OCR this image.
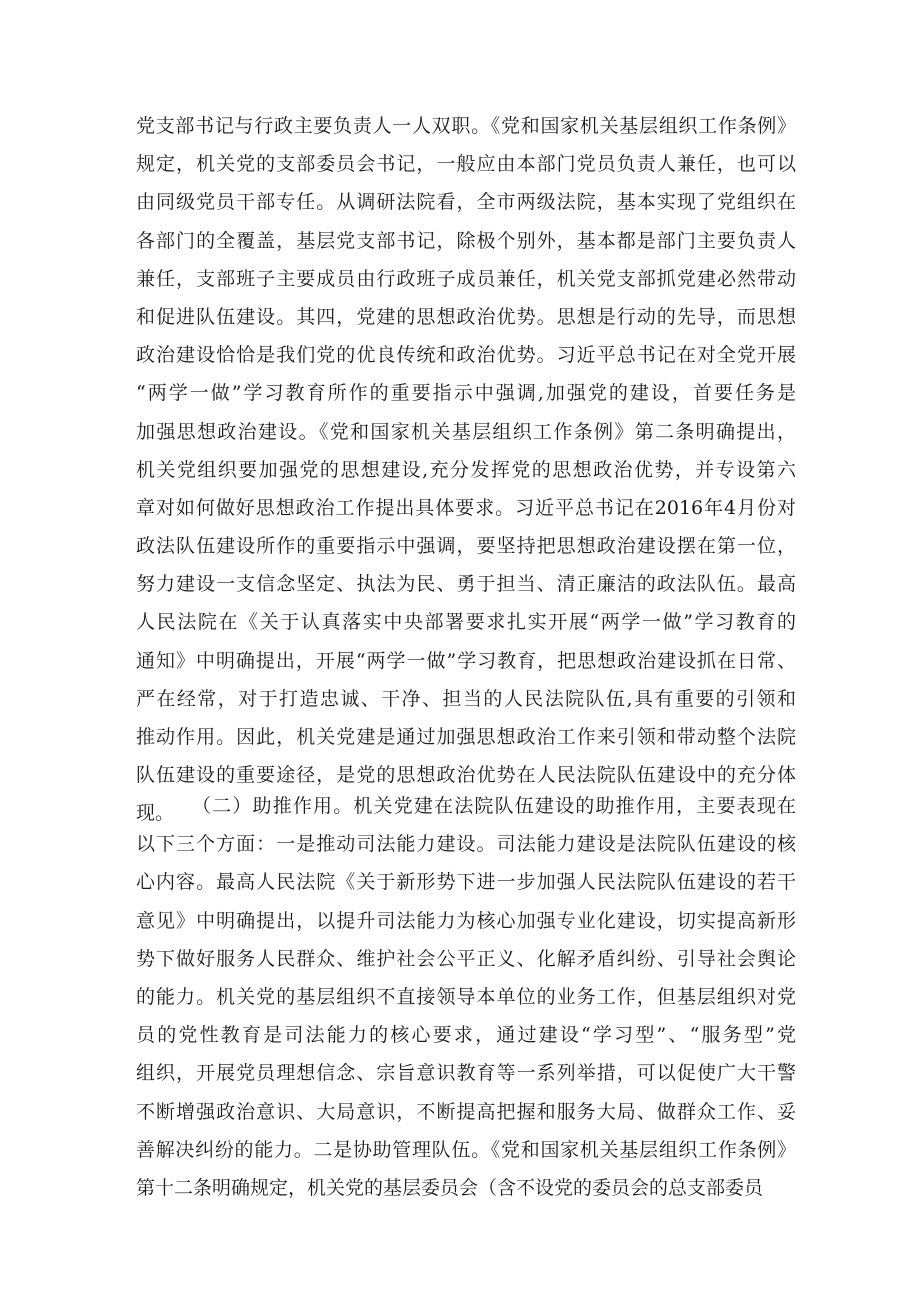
党支部书记与行政主要负责人一人双职。《党和国家机关基层组织工作条例》
规定，机关党的支部委员会书记，一般应由本部门党员负责人兼任，也可以
由同级党员干部专任。从调研法院看，全市两级法院，基本实现了党组织在
各部门的全覆盖，基层党支部书记，除极个别外，基本都是部门主要负责人
兼任，支部班子主要成员由行政班子成员兼任，机关党支部抓党建必然带动
和促进队伍建设。其四，党建的思想政治优势。思想是行动的先导，而思想
政治建设恰恰是我们党的优良传统和政治优势。习近平总书记在对全党开展
“两学一做”学习教育所作的重要指示中强调,加强党的建设，首要任务是
加强思想政治建设。《党和国家机关基层组织工作条例》第二条明确提出，
机关党组织要加强党的思想建设,充分发挥党的思想政治优势，并专设第六
章对如何做好思想政治工作提出具体要求。习近平总书记在2016年4月份对
政法队伍建设所作的重要指示中强调，要坚持把思想政治建设摆在第一位，
努力建设一支信念坚定、执法为民、勇于担当、清正廉洁的政法队伍。最高
人民法院在《关于认真落实中央部署要求扎实开展“两学一做”学习教育的
通知》中明确提出，开展“两学一做”学习教育，把思想政治建设抓在日常、
严在经常，对于打造忠诚、干净、担当的人民法院队伍,具有重要的引领和
推动作用。因此，机关党建是通过加强思想政治工作来引领和带动整个法院
队伍建设的重要途径，是党的思想政治优势在人民法院队伍建设中的充分体
现。 （二）助推作用。机关党建在法院队伍建设的助推作用，主要表现在
以下三个方面：一是推动司法能力建设。司法能力建设是法院队伍建设的核
心内容。最高人民法院《关于新形势下进一步加强人民法院队伍建设的若干
意见》中明确提出，以提升司法能力为核心加强专业化建设，切实提高新形
势下做好服务人民群众、维护社会公平正义、化解矛盾纠纷、引导社会舆论
的能力。机关党的基层组织不直接领导本单位的业务工作，但基层组织对党
员的党性教育是司法能力的核心要求，通过建设“学习型”、“服务型”党
组织，开展党员理想信念、宗旨意识教育等一系列举措，可以促使广大干警
不断增强政治意识、大局意识，不断提高把握和服务大局、做群众工作、妥
善解决纠纷的能力。二是协助管理队伍。《党和国家机关基层组织工作条例》
第十二条明确规定，机关党的基层委员会（含不设党的委员会的总支部委员
